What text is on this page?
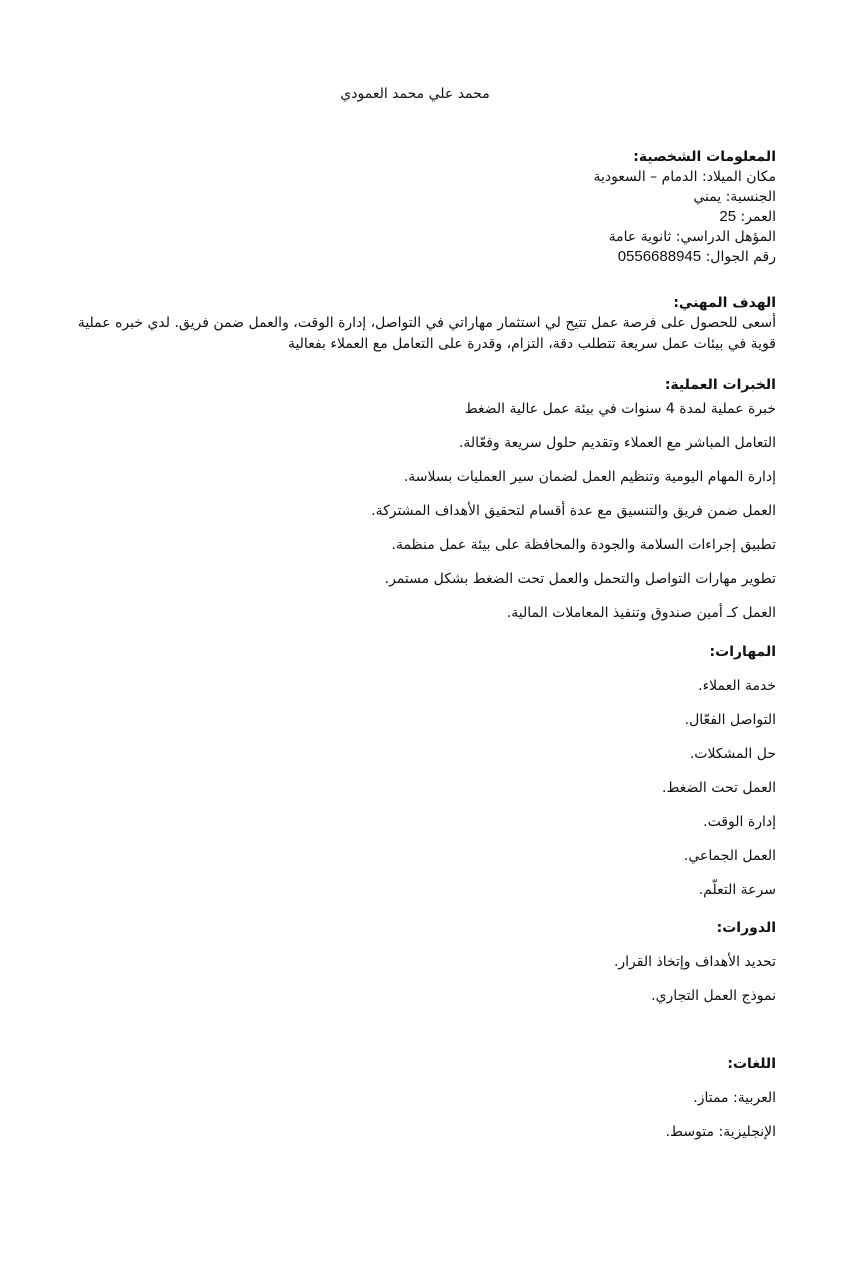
محمد علي محمد العمودي

المعلومات الشخصية:

مكان الميلاد: الدمام – السعودية

الجنسية: يمني

العمر: 25

المؤهل الدراسي: ثانوية عامة

رقم الجوال: 0556688945

الهدف المهني:

أسعى للحصول على فرصة عمل تتيح لي استثمار مهاراتي في التواصل، إدارة الوقت، والعمل ضمن فريق. لدي خبره عملية قوية في بيئات عمل سريعة تتطلب دقة، التزام، وقدرة على التعامل مع العملاء بفعالية

الخبرات العملية:

خبرة عملية لمدة 4 سنوات في بيئة عمل عالية الضغط

التعامل المباشر مع العملاء وتقديم حلول سريعة وفعّالة.

إدارة المهام اليومية وتنظيم العمل لضمان سير العمليات بسلاسة.

العمل ضمن فريق والتنسيق مع عدة أقسام لتحقيق الأهداف المشتركة.

تطبيق إجراءات السلامة والجودة والمحافظة على بيئة عمل منظمة.

تطوير مهارات التواصل والتحمل والعمل تحت الضغط بشكل مستمر.

العمل كـ أمين صندوق وتنفيذ المعاملات المالية.

المهارات:

خدمة العملاء.

التواصل الفعّال.

حل المشكلات.

العمل تحت الضغط.

إدارة الوقت.

العمل الجماعي.

سرعة التعلّم.

الدورات:

تحديد الأهداف وإتخاذ القرار.

نموذج العمل التجاري.

اللغات:

العربية: ممتاز.

الإنجليزية: متوسط.
